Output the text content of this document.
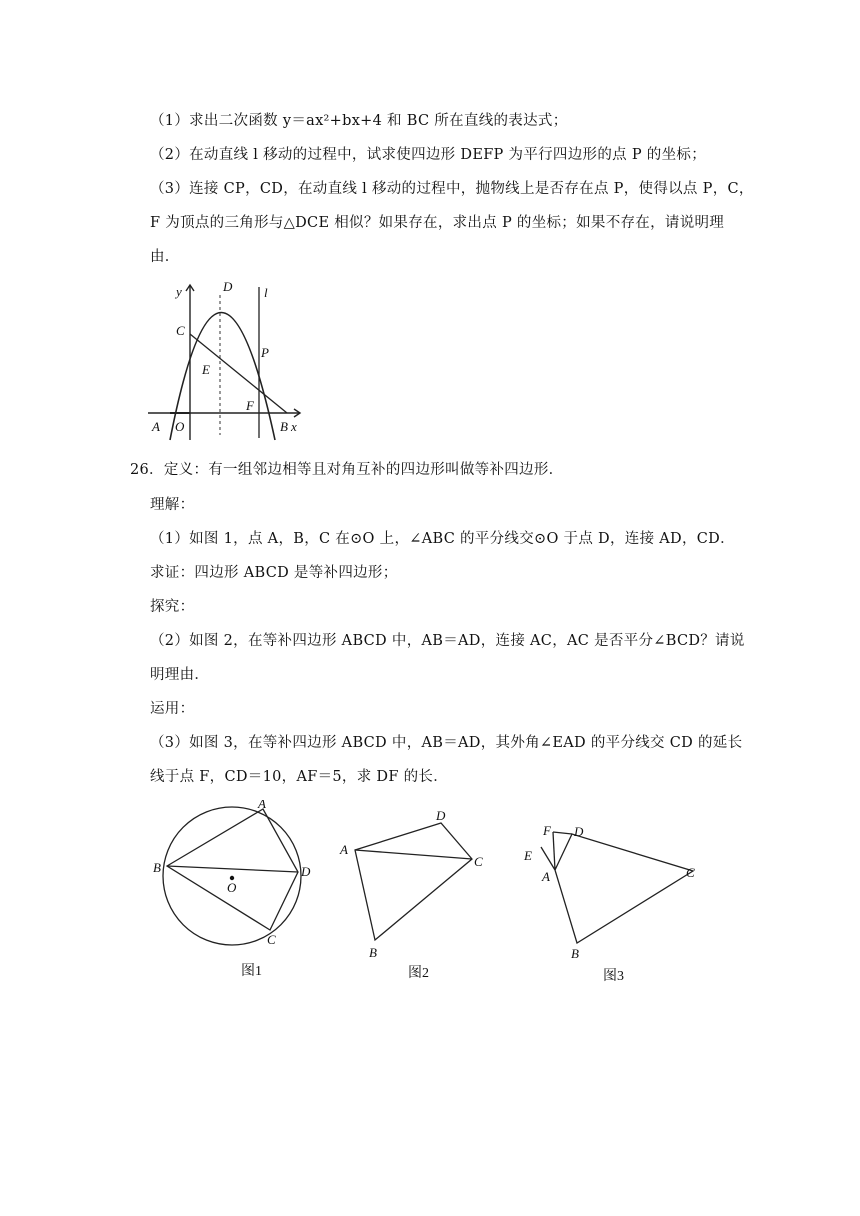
（1）求出二次函数 y＝ax²+bx+4 和 BC 所在直线的表达式；
（2）在动直线 l 移动的过程中，试求使四边形 DEFP 为平行四边形的点 P 的坐标；
（3）连接 CP，CD，在动直线 l 移动的过程中，抛物线上是否存在点 P，使得以点 P，C，
F 为顶点的三角形与△DCE 相似？如果存在，求出点 P 的坐标；如果不存在，请说明理
由．
y	D l
C
P
E
F
A O	B x
26．定义：有一组邻边相等且对角互补的四边形叫做等补四边形．
理解：
（1）如图 1，点 A，B，C 在⊙O 上，∠ABC 的平分线交⊙O 于点 D，连接 AD，CD．
求证：四边形 ABCD 是等补四边形；
探究：
（2）如图 2，在等补四边形 ABCD 中，AB＝AD，连接 AC，AC 是否平分∠BCD？请说
明理由．
运用：
（3）如图 3，在等补四边形 ABCD 中，AB＝AD，其外角∠EAD 的平分线交 CD 的延长
线于点 F，CD＝10，AF＝5，求 DF 的长．
A
B	D
O
C
图1
D
A
C
B
图2
F D
E
A	C
B
图3
